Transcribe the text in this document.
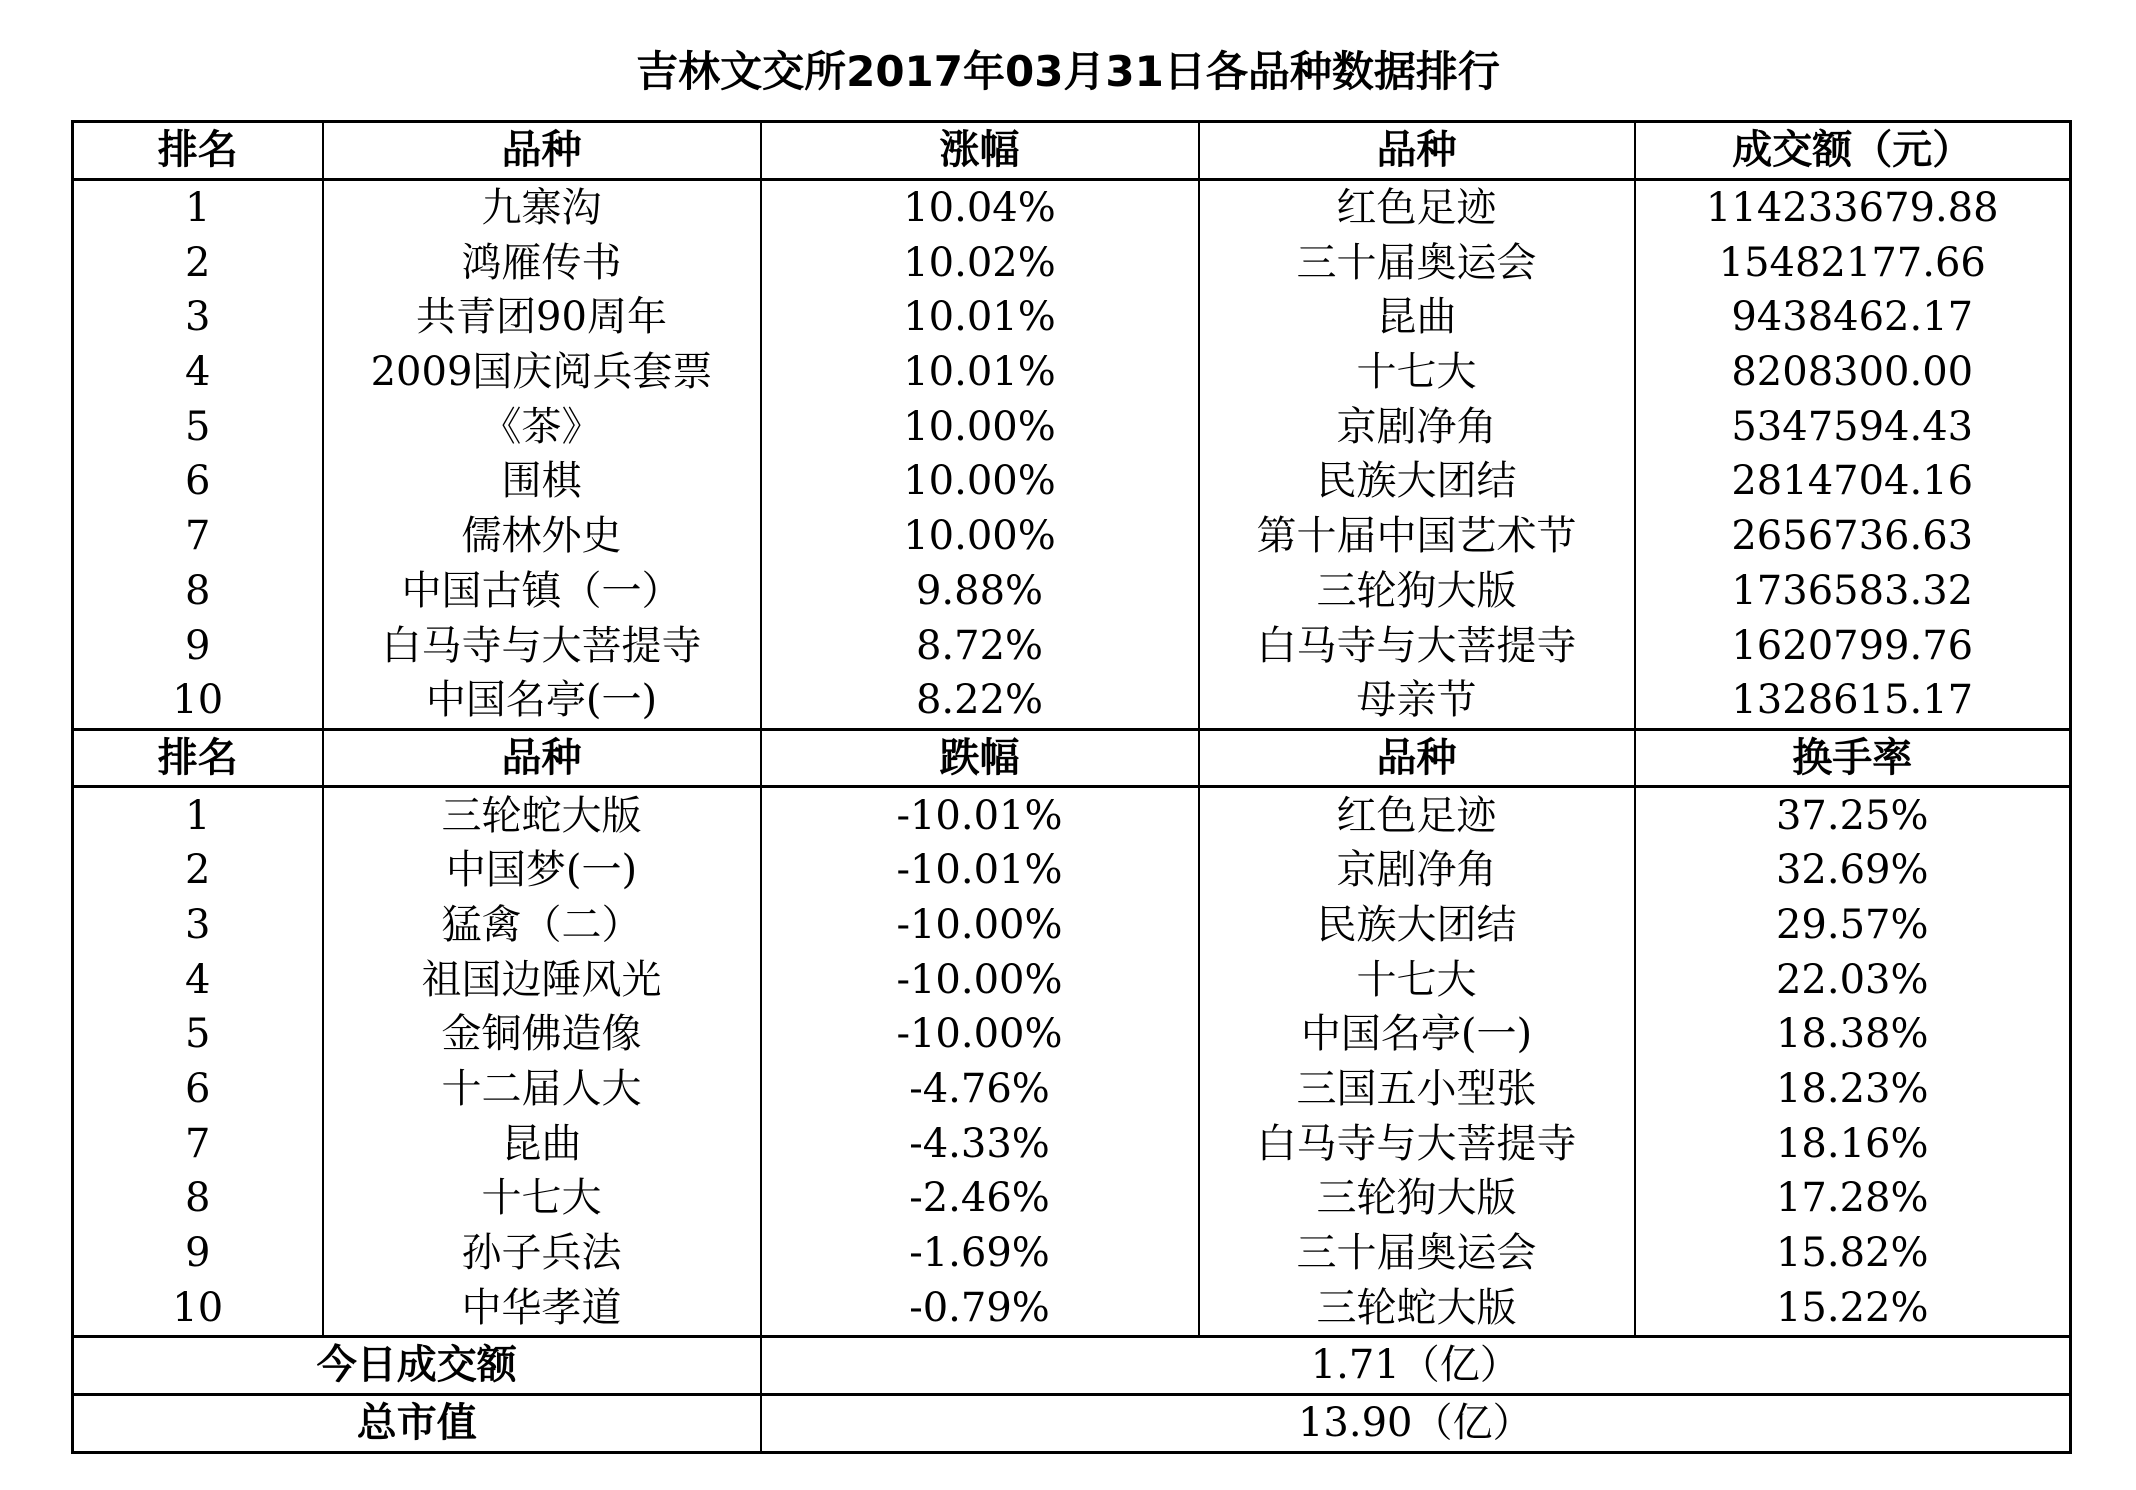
吉林文交所2017年03月31日各品种数据排行
排名	品种	涨幅	品种	成交额（元）
1	九寨沟	10.04%	红色足迹	114233679.88
2	鸿雁传书	10.02%	三十届奥运会	15482177.66
3	共青团90周年	10.01%	昆曲	9438462.17
4	2009国庆阅兵套票	10.01%	十七大	8208300.00
5	《茶》	10.00%	京剧净角	5347594.43
6	围棋	10.00%	民族大团结	2814704.16
7	儒林外史	10.00%	第十届中国艺术节	2656736.63
8	中国古镇（一）	9.88%	三轮狗大版	1736583.32
9	白马寺与大菩提寺	8.72%	白马寺与大菩提寺	1620799.76
10	中国名亭(一)	8.22%	母亲节	1328615.17
排名	品种	跌幅	品种	换手率
1	三轮蛇大版	-10.01%	红色足迹	37.25%
2	中国梦(一)	-10.01%	京剧净角	32.69%
3	猛禽（二）	-10.00%	民族大团结	29.57%
4	祖国边陲风光	-10.00%	十七大	22.03%
5	金铜佛造像	-10.00%	中国名亭(一)	18.38%
6	十二届人大	-4.76%	三国五小型张	18.23%
7	昆曲	-4.33%	白马寺与大菩提寺	18.16%
8	十七大	-2.46%	三轮狗大版	17.28%
9	孙子兵法	-1.69%	三十届奥运会	15.82%
10	中华孝道	-0.79%	三轮蛇大版	15.22%
今日成交额		1.71（亿）		
总市值		13.90（亿）		
